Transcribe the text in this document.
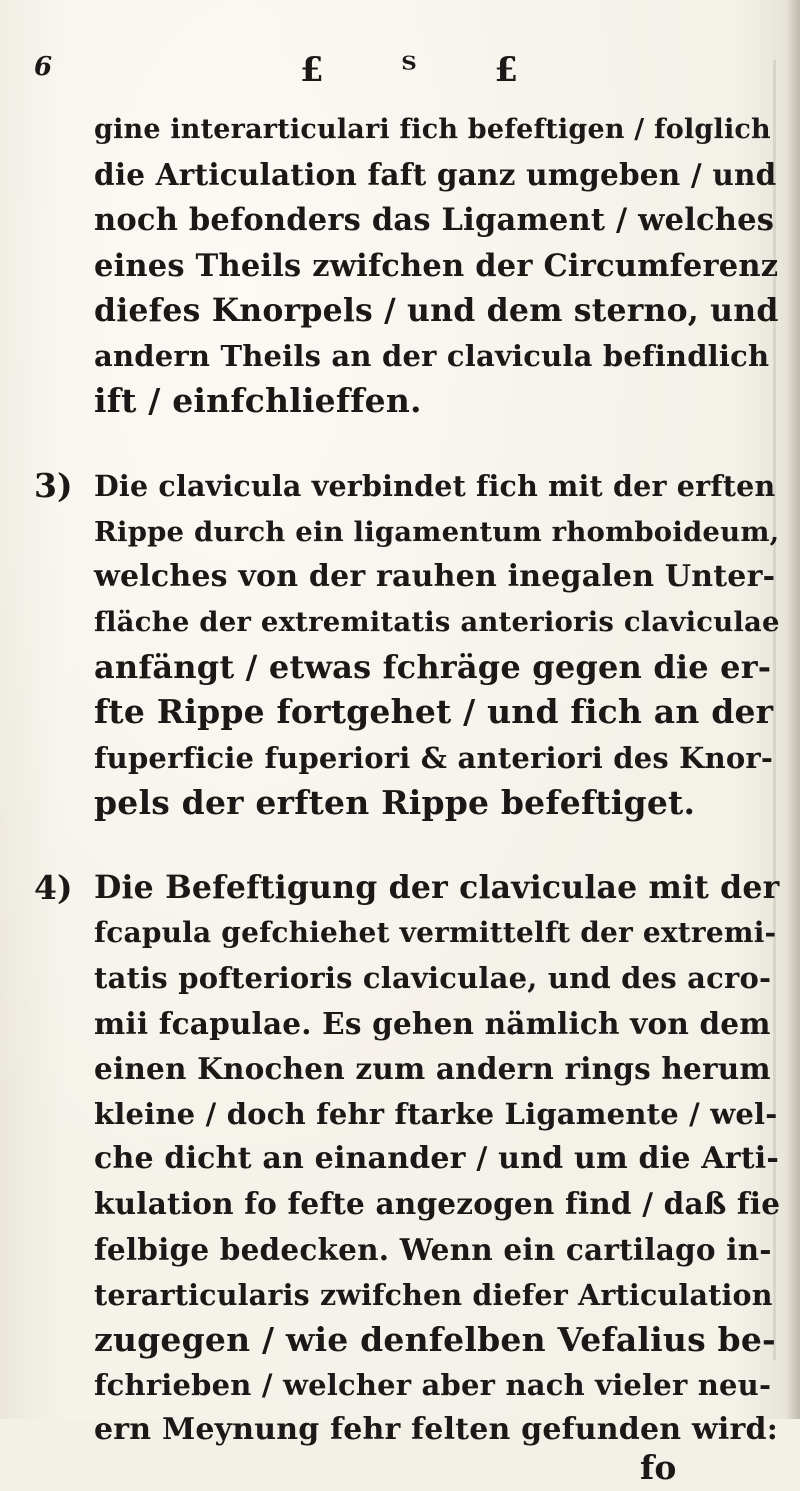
6	£ ᵀ £
gine interarticulari fich befeftigen / folglich
die Articulation faft ganz umgeben / und
noch befonders das Ligament / welches
eines Theils zwifchen der Circumferenz
diefes Knorpels / und dem sterno, und
andern Theils an der clavicula befindlich
ift / einfchlieffen.
3) Die clavicula verbindet fich mit der erften
Rippe durch ein ligamentum rhomboideum,
welches von der rauhen inegalen Unter‐
fläche der extremitatis anterioris claviculae
anfängt / etwas fchräge gegen die er‐
fte Rippe fortgehet / und fich an der
fuperficie fuperiori & anteriori des Knor‐
pels der erften Rippe befeftiget.
4) Die Befeftigung der claviculae mit der
fcapula gefchiehet vermittelft der extremi-
tatis pofterioris claviculae, und des acro-
mii fcapulae. Es gehen nämlich von dem
einen Knochen zum andern rings herum
kleine / doch fehr ftarke Ligamente / wel‐
che dicht an einander / und um die Arti‐
kulation fo fefte angezogen find / daß fie
felbige bedecken. Wenn ein cartilago in-
terarticularis zwifchen diefer Articulation
zugegen / wie denfelben Vefalius be‐
fchrieben / welcher aber nach vieler neu‐
ern Meynung fehr felten gefunden wird:
fo
